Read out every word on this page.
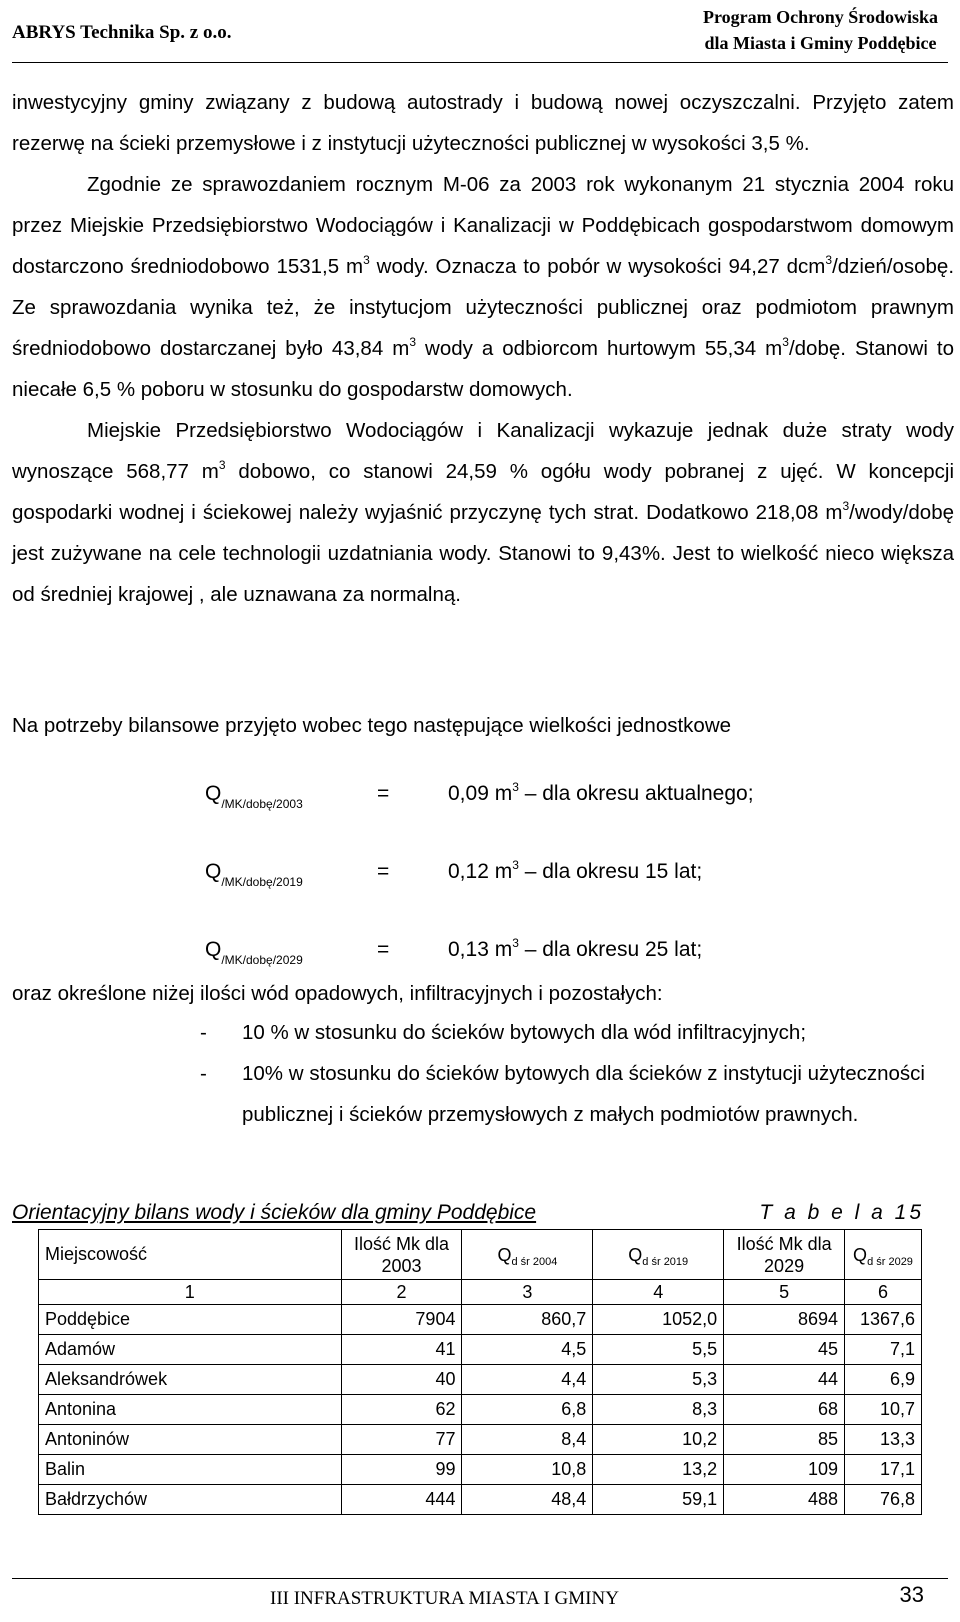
ABRYS Technika Sp. z o.o.
Program Ochrony Środowiska
dla Miasta i Gminy Poddębice

inwestycyjny gminy związany z budową autostrady i budową nowej oczyszczalni. Przyjęto zatem rezerwę na ścieki przemysłowe i z instytucji użyteczności publicznej w wysokości 3,5 %.

Zgodnie ze sprawozdaniem rocznym M-06 za 2003 rok wykonanym 21 stycznia 2004 roku przez Miejskie Przedsiębiorstwo Wodociągów i Kanalizacji w Poddębicach gospodarstwom domowym dostarczono średniodobowo 1531,5 $m^3$ wody. Oznacza to pobór w wysokości 94,27 dcm$^3$/dzień/osobę. Ze sprawozdania wynika też, że instytucjom użyteczności publicznej oraz podmiotom prawnym średniodobowo dostarczanej było 43,84 $m^3$ wody a odbiorcom hurtowym 55,34 $m^3$/dobę. Stanowi to niecałe 6,5 % poboru w stosunku do gospodarstw domowych.

Miejskie Przedsiębiorstwo Wodociągów i Kanalizacji wykazuje jednak duże straty wody wynoszące 568,77 $m^3$ dobowo, co stanowi 24,59 % ogółu wody pobranej z ujęć. W koncepcji gospodarki wodnej i ściekowej należy wyjaśnić przyczynę tych strat. Dodatkowo 218,08 $m^3/wody$/dobę jest zużywane na cele technologii uzdatniania wody. Stanowi to 9,43%. Jest to wielkość nieco większa od średniej krajowej , ale uznawana za normalną.

Na potrzeby bilansowe przyjęto wobec tego następujące wielkości jednostkowe
$Q_{/MK/dobę/2003}$	=	0,09 $m^3$ – dla okresu aktualnego;
$Q_{/MK/dobę/2019}$	=	0,12 $m^3$ – dla okresu 15 lat;
$Q_{/MK/dobę/2029}$	=	0,13 $m^3$ – dla okresu 25 lat;
oraz określone niżej ilości wód opadowych, infiltracyjnych i pozostałych:
- 10 % w stosunku do ścieków bytowych dla wód infiltracyjnych;
- 10% w stosunku do ścieków bytowych dla ścieków z instytucji użyteczności publicznej i ścieków przemysłowych z małych podmiotów prawnych.
Orientacyjny bilans wody i ścieków dla gminy Poddębice	T a b e l a 15
Miejscowość	Ilość Mk dla 2003	$Q_{d śr 2004}$	$Q_{d śr 2019}$	Ilość Mk dla 2029	$Q_{d śr 2029}$
1	2	3	4	5	6
Poddębice	7904	860,7	1052,0	8694	1367,6
Adamów	41	4,5	5,5	45	7,1
Aleksandrówek	40	4,4	5,3	44	6,9
Antonina	62	6,8	8,3	68	10,7
Antoninów	77	8,4	10,2	85	13,3
Balin	99	10,8	13,2	109	17,1
Bałdrzychów	444	48,4	59,1	488	76,8
III INFRASTRUKTURA MIASTA I GMINY	33
